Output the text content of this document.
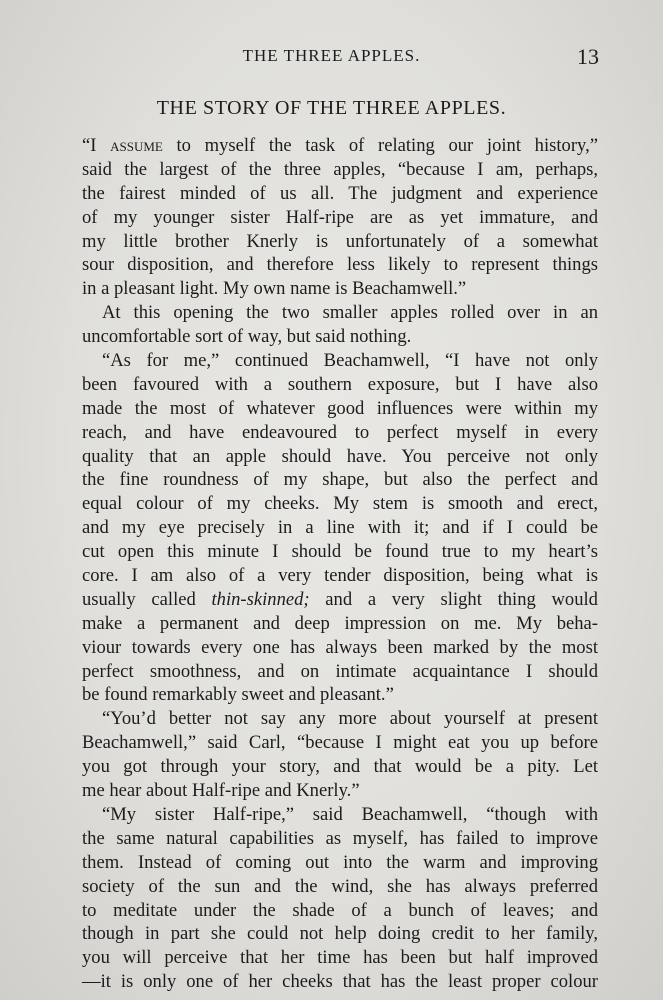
THE THREE APPLES.	13
THE STORY OF THE THREE APPLES.
“I assume to myself the task of relating our joint history,”
said the largest of the three apples, “because I am, perhaps,
the fairest minded of us all. The judgment and experience
of my younger sister Half-ripe are as yet immature, and
my little brother Knerly is unfortunately of a somewhat
sour disposition, and therefore less likely to represent things
in a pleasant light. My own name is Beachamwell.”
At this opening the two smaller apples rolled over in an
uncomfortable sort of way, but said nothing.
“As for me,” continued Beachamwell, “I have not only
been favoured with a southern exposure, but I have also
made the most of whatever good influences were within my
reach, and have endeavoured to perfect myself in every
quality that an apple should have. You perceive not only
the fine roundness of my shape, but also the perfect and
equal colour of my cheeks. My stem is smooth and erect,
and my eye precisely in a line with it; and if I could be
cut open this minute I should be found true to my heart’s
core. I am also of a very tender disposition, being what is
usually called thin-skinned; and a very slight thing would
make a permanent and deep impression on me. My beha-
viour towards every one has always been marked by the most
perfect smoothness, and on intimate acquaintance I should
be found remarkably sweet and pleasant.”
“You’d better not say any more about yourself at present
Beachamwell,” said Carl, “because I might eat you up before
you got through your story, and that would be a pity. Let
me hear about Half-ripe and Knerly.”
“My sister Half-ripe,” said Beachamwell, “though with
the same natural capabilities as myself, has failed to improve
them. Instead of coming out into the warm and improving
society of the sun and the wind, she has always preferred
to meditate under the shade of a bunch of leaves; and
though in part she could not help doing credit to her family,
you will perceive that her time has been but half improved
—it is only one of her cheeks that has the least proper colour
